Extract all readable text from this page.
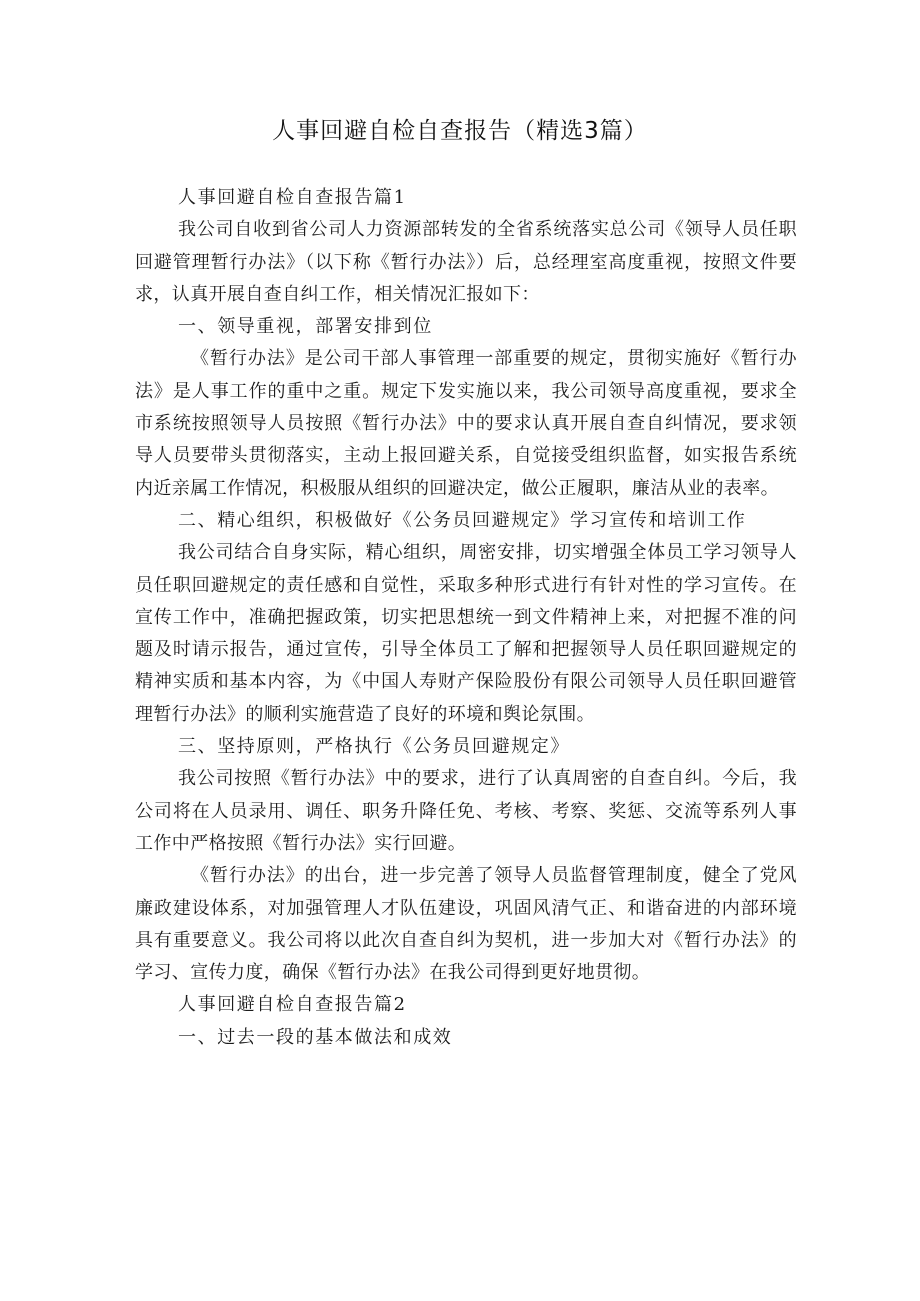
人事回避自检自查报告（精选3篇）

人事回避自检自查报告篇1

我公司自收到省公司人力资源部转发的全省系统落实总公司《领导人员任职回避管理暂行办法》（以下称《暂行办法》）后，总经理室高度重视，按照文件要求，认真开展自查自纠工作，相关情况汇报如下：

一、领导重视，部署安排到位

《暂行办法》是公司干部人事管理一部重要的规定，贯彻实施好《暂行办法》是人事工作的重中之重。规定下发实施以来，我公司领导高度重视，要求全市系统按照领导人员按照《暂行办法》中的要求认真开展自查自纠情况，要求领导人员要带头贯彻落实，主动上报回避关系，自觉接受组织监督，如实报告系统内近亲属工作情况，积极服从组织的回避决定，做公正履职，廉洁从业的表率。

二、精心组织，积极做好《公务员回避规定》学习宣传和培训工作

我公司结合自身实际，精心组织，周密安排，切实增强全体员工学习领导人员任职回避规定的责任感和自觉性，采取多种形式进行有针对性的学习宣传。在宣传工作中，准确把握政策，切实把思想统一到文件精神上来，对把握不准的问题及时请示报告，通过宣传，引导全体员工了解和把握领导人员任职回避规定的精神实质和基本内容，为《中国人寿财产保险股份有限公司领导人员任职回避管理暂行办法》的顺利实施营造了良好的环境和舆论氛围。

三、坚持原则，严格执行《公务员回避规定》

我公司按照《暂行办法》中的要求，进行了认真周密的自查自纠。今后，我公司将在人员录用、调任、职务升降任免、考核、考察、奖惩、交流等系列人事工作中严格按照《暂行办法》实行回避。

《暂行办法》的出台，进一步完善了领导人员监督管理制度，健全了党风廉政建设体系，对加强管理人才队伍建设，巩固风清气正、和谐奋进的内部环境具有重要意义。我公司将以此次自查自纠为契机，进一步加大对《暂行办法》的学习、宣传力度，确保《暂行办法》在我公司得到更好地贯彻。

人事回避自检自查报告篇2

一、过去一段的基本做法和成效
